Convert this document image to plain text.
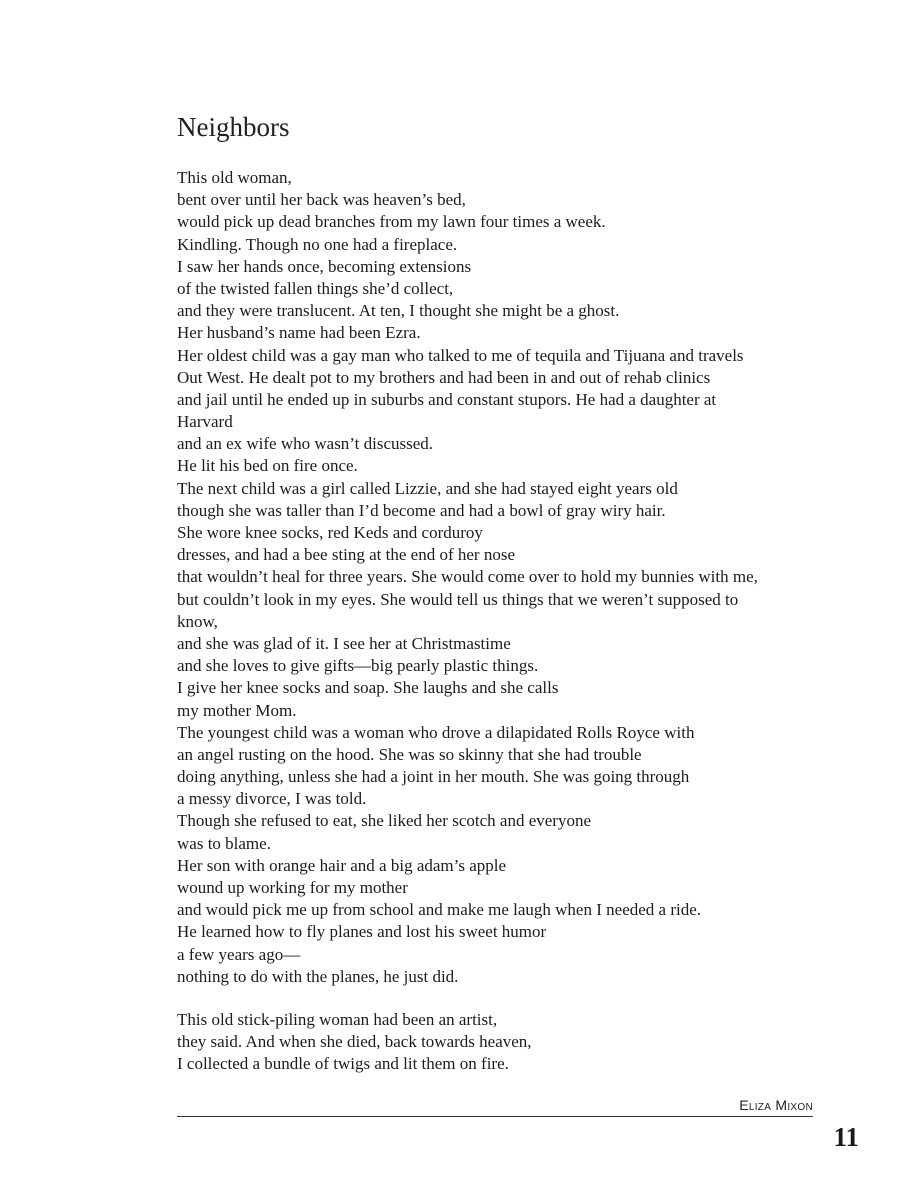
Neighbors
This old woman,
bent over until her back was heaven’s bed,
would pick up dead branches from my lawn four times a week.
Kindling. Though no one had a fireplace.
I saw her hands once, becoming extensions
of the twisted fallen things she’d collect,
and they were translucent. At ten, I thought she might be a ghost.
Her husband’s name had been Ezra.
Her oldest child was a gay man who talked to me of tequila and Tijuana and travels
Out West. He dealt pot to my brothers and had been in and out of rehab clinics
and jail until he ended up in suburbs and constant stupors. He had a daughter at
Harvard
and an ex wife who wasn’t discussed.
He lit his bed on fire once.
The next child was a girl called Lizzie, and she had stayed eight years old
though she was taller than I’d become and had a bowl of gray wiry hair.
She wore knee socks, red Keds and corduroy
dresses, and had a bee sting at the end of her nose
that wouldn’t heal for three years. She would come over to hold my bunnies with me,
but couldn’t look in my eyes. She would tell us things that we weren’t supposed to
know,
and she was glad of it. I see her at Christmastime
and she loves to give gifts—big pearly plastic things.
I give her knee socks and soap. She laughs and she calls
my mother Mom.
The youngest child was a woman who drove a dilapidated Rolls Royce with
an angel rusting on the hood. She was so skinny that she had trouble
doing anything, unless she had a joint in her mouth. She was going through
a messy divorce, I was told.
Though she refused to eat, she liked her scotch and everyone
was to blame.
Her son with orange hair and a big adam’s apple
wound up working for my mother
and would pick me up from school and make me laugh when I needed a ride.
He learned how to fly planes and lost his sweet humor
a few years ago—
nothing to do with the planes, he just did.
This old stick-piling woman had been an artist,
they said. And when she died, back towards heaven,
I collected a bundle of twigs and lit them on fire.
Eliza Mixon
11
